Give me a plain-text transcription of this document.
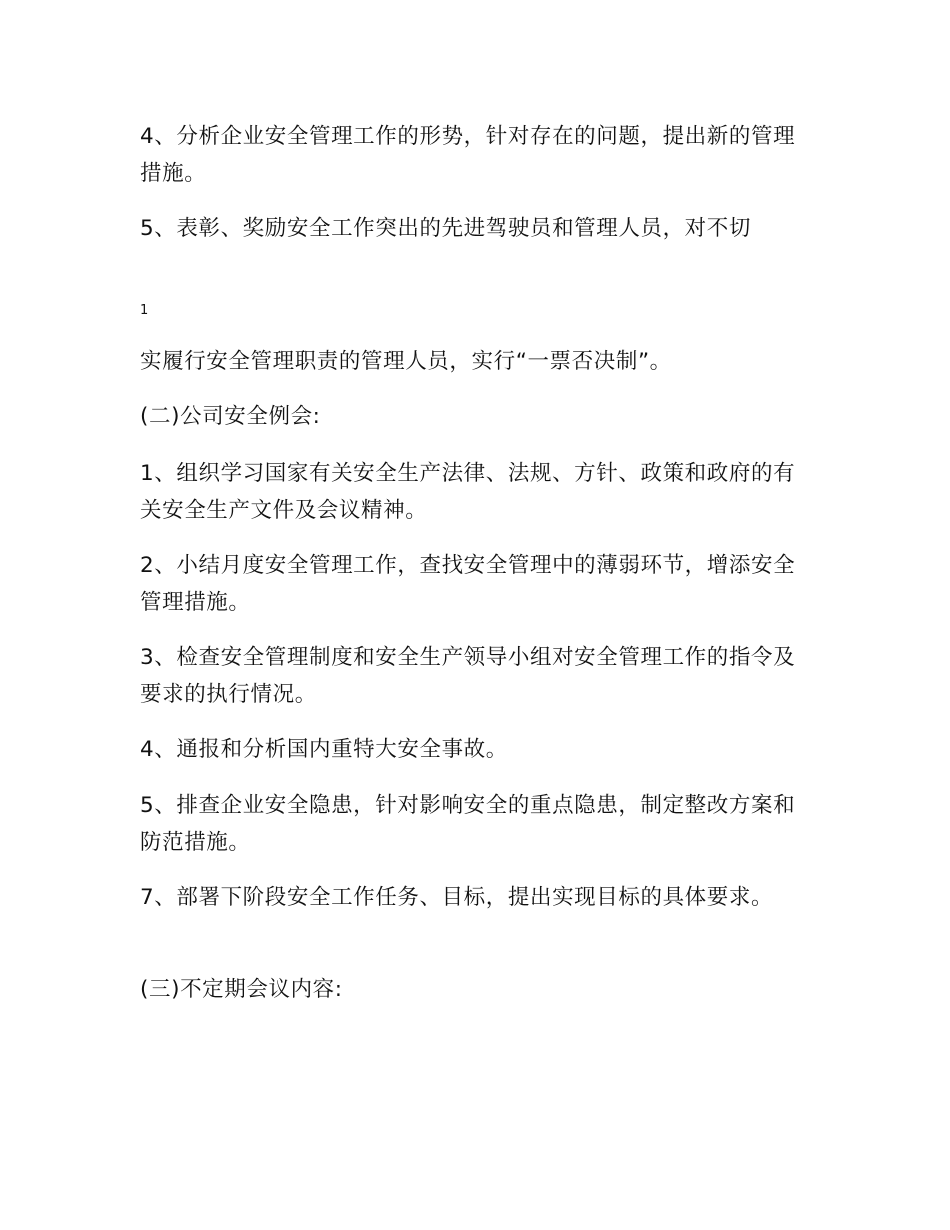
4、分析企业安全管理工作的形势，针对存在的问题，提出新的管理措施。

5、表彰、奖励安全工作突出的先进驾驶员和管理人员，对不切

1

实履行安全管理职责的管理人员，实行“一票否决制”。

(二)公司安全例会:

1、组织学习国家有关安全生产法律、法规、方针、政策和政府的有关安全生产文件及会议精神。

2、小结月度安全管理工作，查找安全管理中的薄弱环节，增添安全管理措施。

3、检查安全管理制度和安全生产领导小组对安全管理工作的指令及要求的执行情况。

4、通报和分析国内重特大安全事故。

5、排查企业安全隐患，针对影响安全的重点隐患，制定整改方案和防范措施。

7、部署下阶段安全工作任务、目标，提出实现目标的具体要求。

(三)不定期会议内容:
